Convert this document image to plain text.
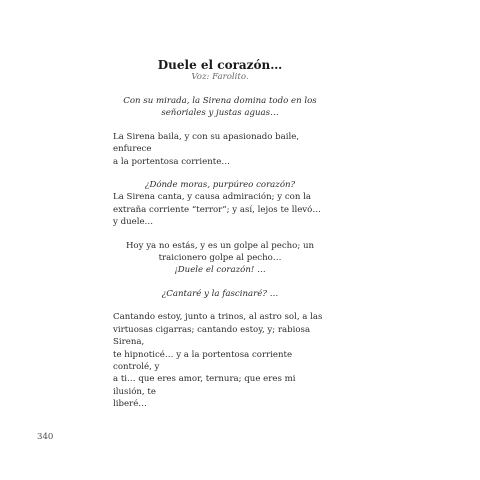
Duele el corazón…

Voz: Farolito.

Con su mirada, la Sirena domina todo en los

señoriales y justas aguas…

La Sirena baila, y con su apasionado baile, enfurece

a la portentosa corriente…

¿Dónde moras, purpúreo corazón?

La Sirena canta, y causa admiración; y con la

extraña corriente “terror”; y así, lejos te llevó…

y duele…

Hoy ya no estás, y es un golpe al pecho; un

traicionero golpe al pecho…

¡Duele el corazón! …

¿Cantaré y la fascinaré? …

Cantando estoy, junto a trinos, al astro sol, a las

virtuosas cigarras; cantando estoy, y; rabiosa Sirena,

te hipnoticé… y a la portentosa corriente controlé, y

a ti… que eres amor, ternura; que eres mi ilusión, te

liberé…

340
